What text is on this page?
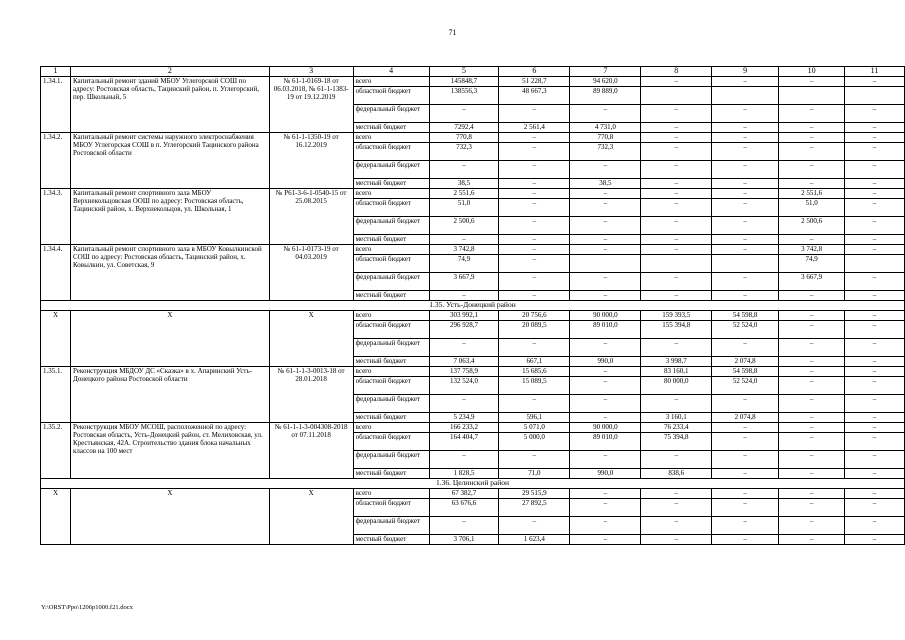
71
1	2	3	4	5	6	7	8	9	10	11
1.34.1.	Капитальный ремонт зданий МБОУ Углегорской СОШ по адресу: Ростовская область, Тацинский район, п. Углегорский, пер. Школьный, 5	№ 61-1-0169-18 от 06.03.2018, № 61-1-1383-19 от 19.12.2019	всего	145848,7	51 228,7	94 620,0	–	–	–	–
			областной бюджет	138556,3	48 667,3	89 889,0				
			федеральный бюджет	–	–	–	–	–	–	–
			местный бюджет	7292,4	2 561,4	4 731,0	–	–	–	–
1.34.2.	Капитальный ремонт системы наружного электроснабжения МБОУ Углегорская СОШ в п. Углегорский Тацинского района Ростовской области	№ 61-1-1350-19 от 16.12.2019	всего	770,8	–	770,8	–	–	–	–
			областной бюджет	732,3	–	732,3	–	–	–	–
			федеральный бюджет	–	–	–	–	–	–	–
			местный бюджет	38,5	–	38,5	–	–	–	–
1.34.3.	Капитальный ремонт спортивного зала МБОУ Верхнекольцовская ООШ по адресу: Ростовская область, Тацинский район, х. Верхнекольцов, ул. Школьная, 1	№ Р61-3-6-1-0540-15 от 25.08.2015	всего	2 551,6	–	–	–	–	2 551,6	–
			областной бюджет	51,0	–	–	–	–	51,0	–
			федеральный бюджет	2 500,6	–	–	–	–	2 500,6	–
			местный бюджет	–	–	–	–	–	–	–
1.34.4.	Капитальный ремонт спортивного зала в МБОУ Ковылкинской СОШ по адресу: Ростовская область, Тацинский район, х. Ковылкин, ул. Советская, 9	№ 61-1-0173-19 от 04.03.2019	всего	3 742,8	–	–	–	–	3 742,8	–
			областной бюджет	74,9	–				74,9	
			федеральный бюджет	3 667,9	–	–	–	–	3 667,9	–
			местный бюджет	–	–	–	–	–	–	–
1.35. Усть-Донецкий район										
Х	Х	Х	всего	303 992,1	20 756,6	90 000,0	159 393,5	54 598,8	–	–
			областной бюджет	296 928,7	20 089,5	89 010,0	155 394,8	52 524,0	–	–
			федеральный бюджет	–	–	–	–	–	–	–
			местный бюджет	7 063,4	667,1	990,0	3 998,7	2 074,8	–	–
1.35.1.	Реконструкция МБДОУ ДС «Сказка» в х. Апаринский Усть-Донецкого района Ростовской области	№ 61-1-1-3-0013-18 от 28.01.2018	всего	137 758,9	15 685,6	–	83 160,1	54 598,8	–	–
			областной бюджет	132 524,0	15 089,5	–	80 000,0	52 524,0	–	–
			федеральный бюджет	–	–	–	–	–	–	–
			местный бюджет	5 234,9	596,1	–	3 160,1	2 074,8	–	–
1.35.2.	Реконструкция МБОУ МСОШ, расположенной по адресу: Ростовская область, Усть-Донецкий район, ст. Мелиховская, ул. Крестьянская, 42А. Строительство здания блока начальных классов на 100 мест	№ 61-1-1-3-004308-2018 от 07.11.2018	всего	166 233,2	5 071,0	90 000,0	76 233,4	–	–	–
			областной бюджет	164 404,7	5 000,0	89 010,0	75 394,8	–	–	–
			федеральный бюджет	–	–	–	–	–	–	–
			местный бюджет	1 828,5	71,0	990,0	838,6	–	–	–
1.36. Целинский район										
Х	Х	Х	всего	67 382,7	29 515,9	–	–	–	–	–
			областной бюджет	63 676,6	27 892,5	–	–	–	–	–
			федеральный бюджет	–	–	–	–	–	–	–
			местный бюджет	3 706,1	1 623,4	–	–	–	–	–
Y:\ORST\Ppo\1206p1000.f21.docx
